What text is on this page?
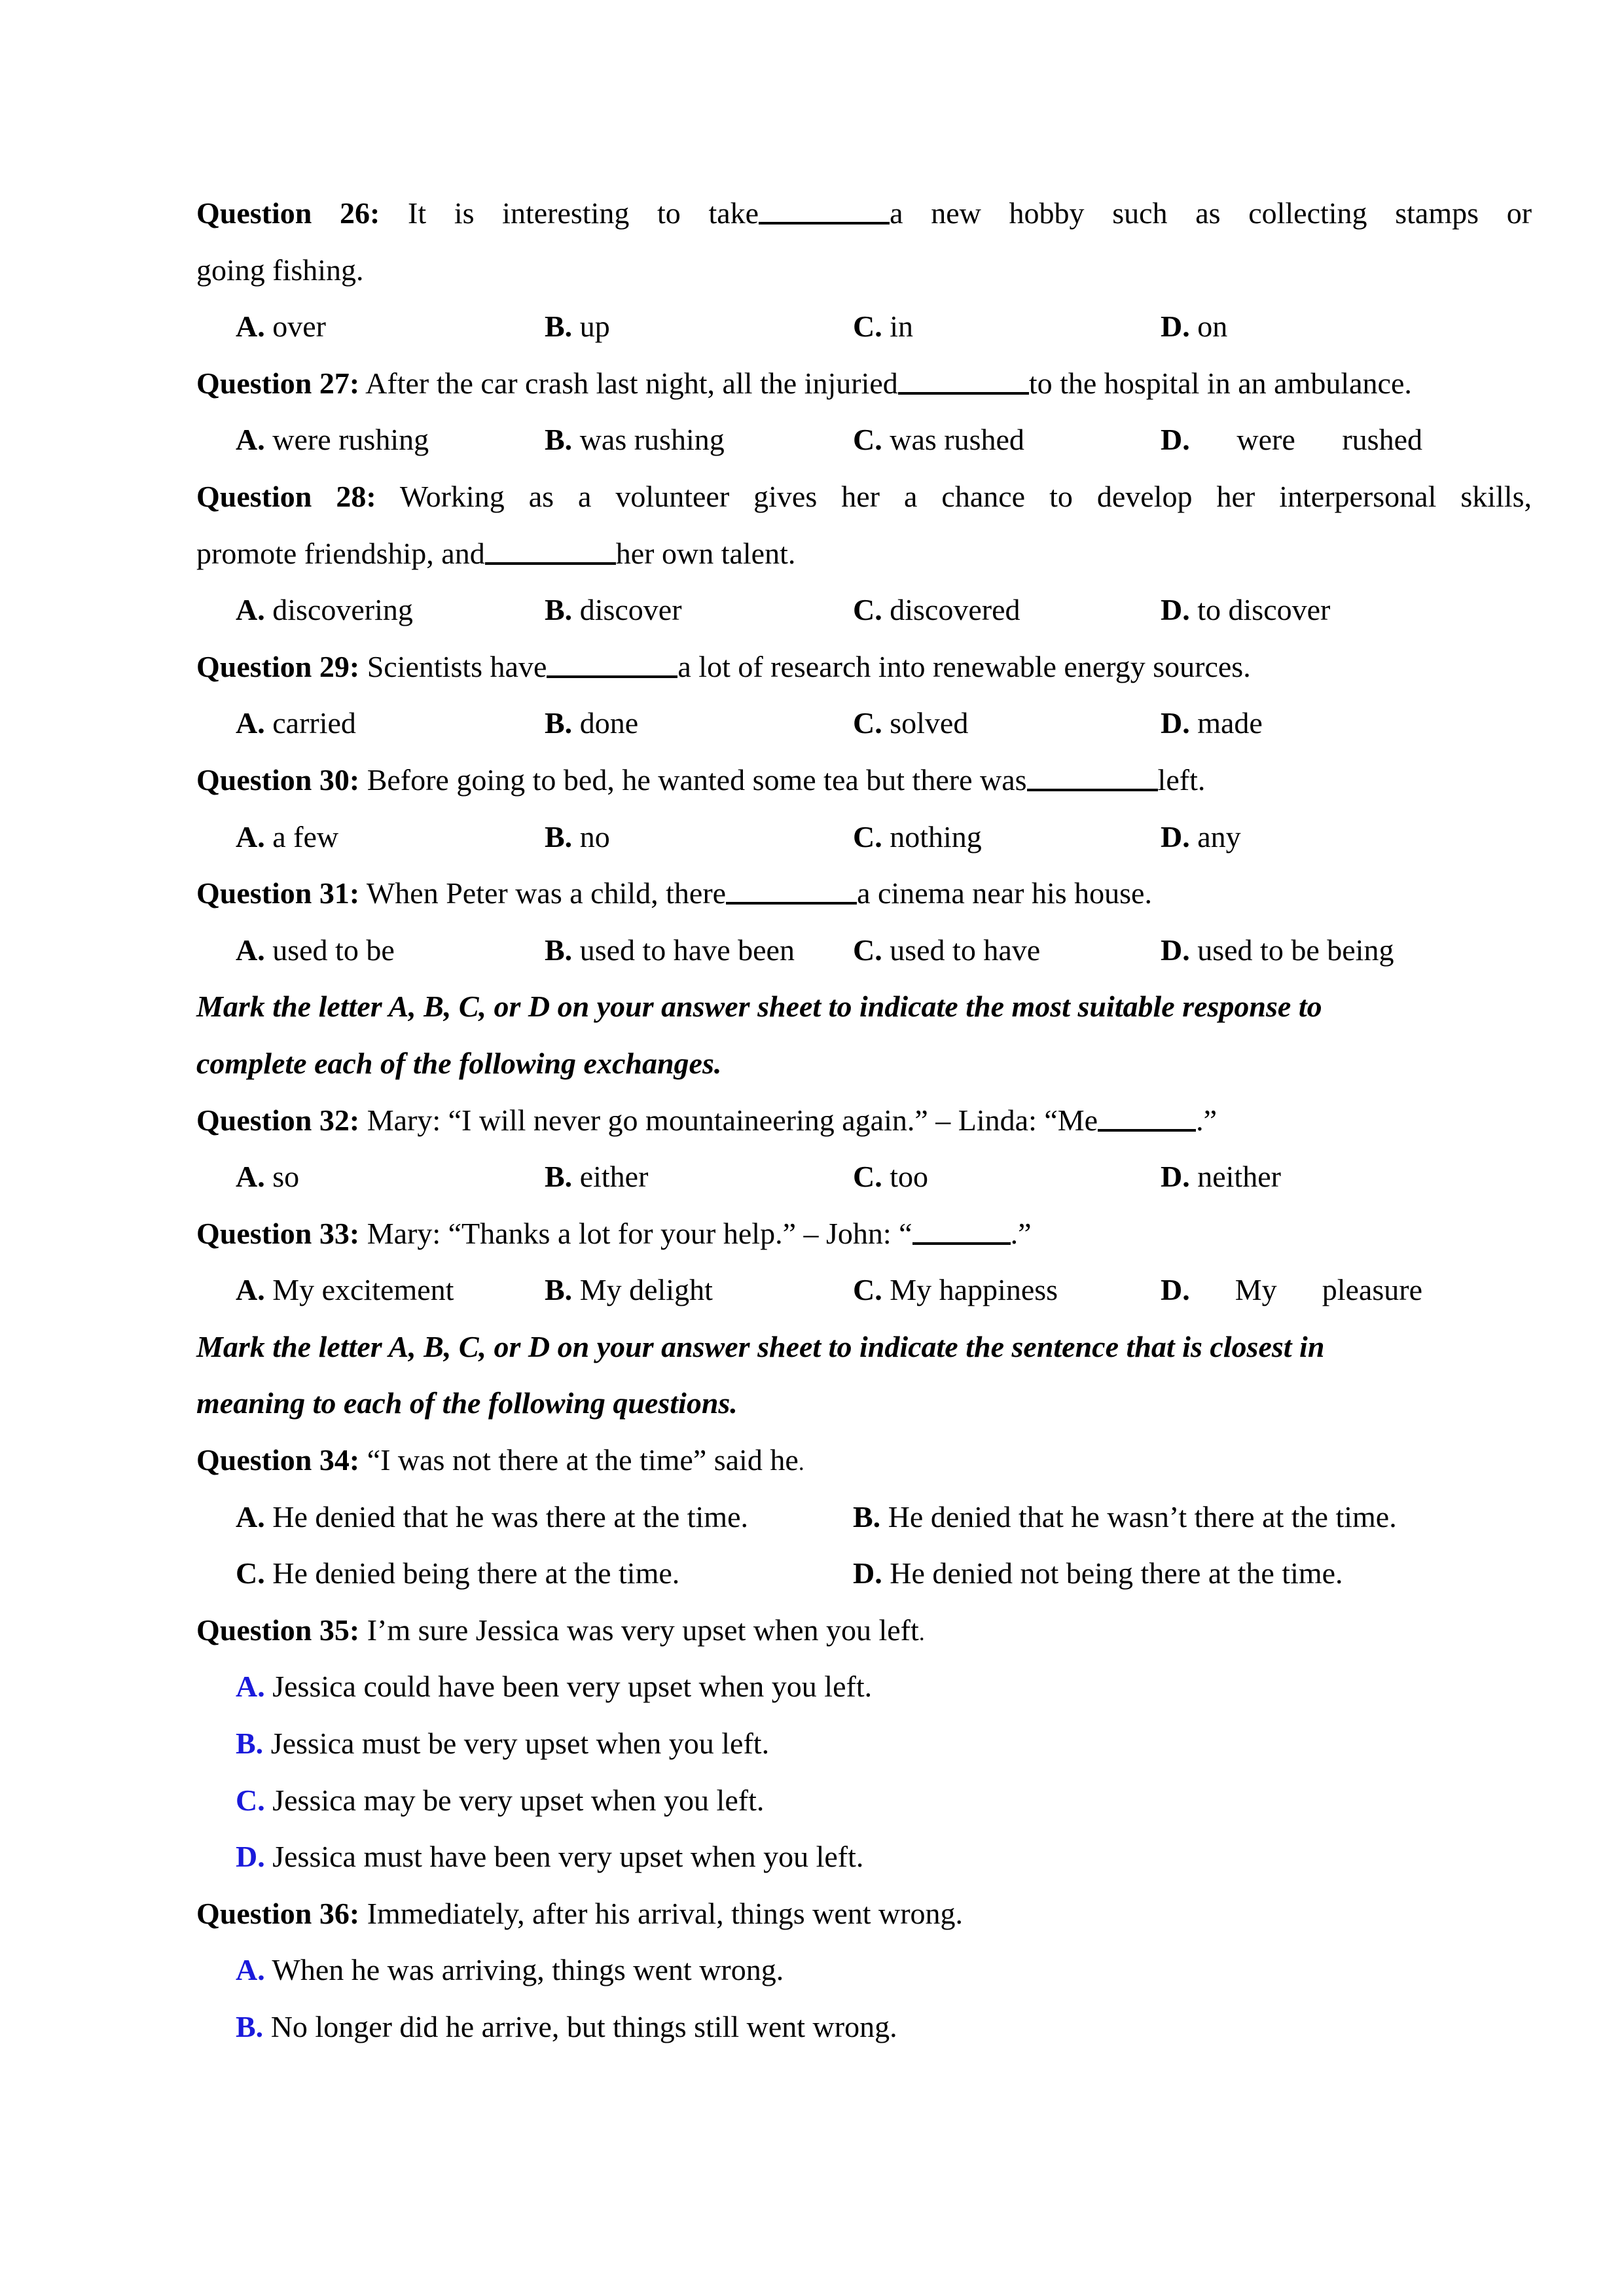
Question 26: It is interesting to take	a new hobby such as collecting stamps or
going fishing.
A. over	B. up	C. in	D. on
Question 27: After the car crash last night, all the injuried	to the hospital in an ambulance.
A. were rushing	B. was rushing	C. was rushed	D. were rushed
Question 28: Working as a volunteer gives her a chance to develop her interpersonal skills,
promote friendship, and	her own talent.
A. discovering	B. discover	C. discovered	D. to discover
Question 29: Scientists have	a lot of research into renewable energy sources.
A. carried	B. done	C. solved	D. made
Question 30: Before going to bed, he wanted some tea but there was	left.
A. a few	B. no	C. nothing	D. any
Question 31: When Peter was a child, there	a cinema near his house.
A. used to be	B. used to have been C. used to have	D. used to be being
Mark the letter A, B, C, or D on your answer sheet to indicate the most suitable response to
complete each of the following exchanges.
Question 32: Mary: “I will never go mountaineering again.” – Linda: “Me	.”
A. so	B. either	C. too	D. neither
Question 33: Mary: “Thanks a lot for your help.” – John: “	.”
A. My excitement	B. My delight	C. My happiness	D. My pleasure
Mark the letter A, B, C, or D on your answer sheet to indicate the sentence that is closest in
meaning to each of the following questions.
Question 34: “I was not there at the time” said he.
A. He denied that he was there at the time.	B. He denied that he wasn’t there at the time.
C. He denied being there at the time.	D. He denied not being there at the time.
Question 35: I’m sure Jessica was very upset when you left.
A. Jessica could have been very upset when you left.
B. Jessica must be very upset when you left.
C. Jessica may be very upset when you left.
D. Jessica must have been very upset when you left.
Question 36: Immediately, after his arrival, things went wrong.
A. When he was arriving, things went wrong.
B. No longer did he arrive, but things still went wrong.
